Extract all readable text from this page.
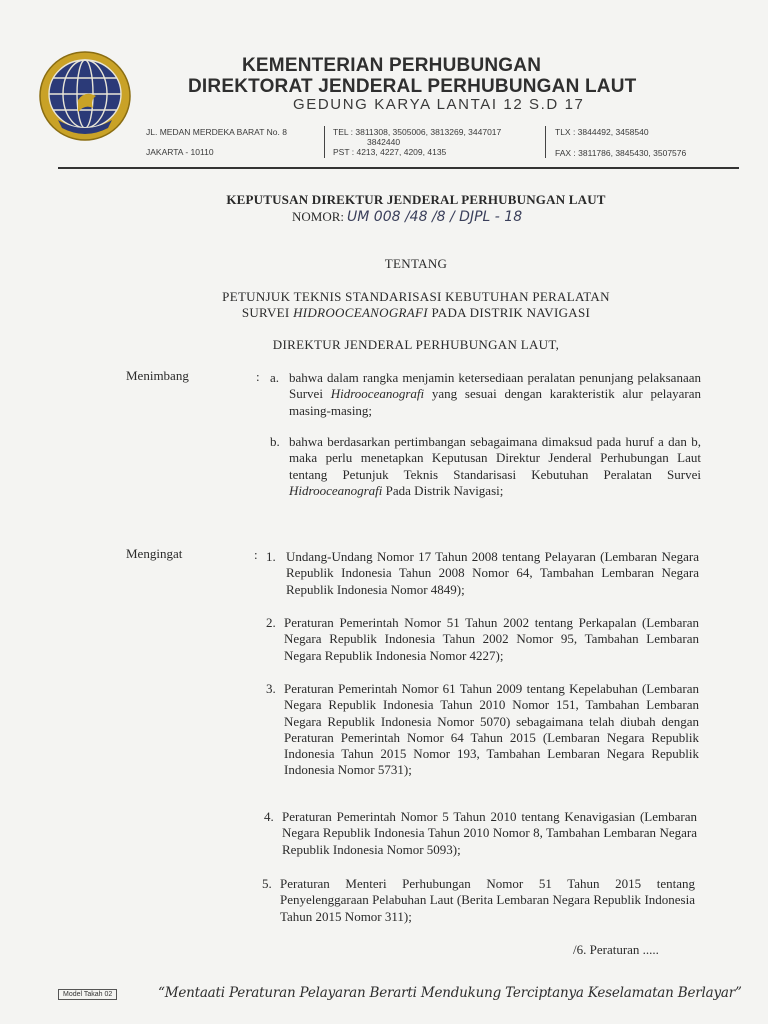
KEMENTERIAN PERHUBUNGAN
DIREKTORAT JENDERAL PERHUBUNGAN LAUT
GEDUNG KARYA LANTAI 12 S.D 17
JL. MEDAN MERDEKA BARAT No. 8
JAKARTA - 10110
TEL : 3811308, 3505006, 3813269, 3447017
3842440
PST : 4213, 4227, 4209, 4135
TLX : 3844492, 3458540
FAX : 3811786, 3845430, 3507576
KEPUTUSAN DIREKTUR JENDERAL PERHUBUNGAN LAUT
NOMOR: UM 008 /48 /8 / DJPL - 18
TENTANG
PETUNJUK TEKNIS STANDARISASI KEBUTUHAN PERALATAN
SURVEI HIDROOCEANOGRAFI PADA DISTRIK NAVIGASI
DIREKTUR JENDERAL PERHUBUNGAN LAUT,
Menimbang	: a. bahwa dalam rangka menjamin ketersediaan peralatan penunjang pelaksanaan Survei Hidrooceanografi yang sesuai dengan karakteristik alur pelayaran masing-masing;
b. bahwa berdasarkan pertimbangan sebagaimana dimaksud pada huruf a dan b, maka perlu menetapkan Keputusan Direktur Jenderal Perhubungan Laut tentang Petunjuk Teknis Standarisasi Kebutuhan Peralatan Survei Hidrooceanografi Pada Distrik Navigasi;
Mengingat	: 1. Undang-Undang Nomor 17 Tahun 2008 tentang Pelayaran (Lembaran Negara Republik Indonesia Tahun 2008 Nomor 64, Tambahan Lembaran Negara Republik Indonesia Nomor 4849);
2. Peraturan Pemerintah Nomor 51 Tahun 2002 tentang Perkapalan (Lembaran Negara Republik Indonesia Tahun 2002 Nomor 95, Tambahan Lembaran Negara Republik Indonesia Nomor 4227);
3. Peraturan Pemerintah Nomor 61 Tahun 2009 tentang Kepelabuhan (Lembaran Negara Republik Indonesia Tahun 2010 Nomor 151, Tambahan Lembaran Negara Republik Indonesia Nomor 5070) sebagaimana telah diubah dengan Peraturan Pemerintah Nomor 64 Tahun 2015 (Lembaran Negara Republik Indonesia Tahun 2015 Nomor 193, Tambahan Lembaran Negara Republik Indonesia Nomor 5731);
4. Peraturan Pemerintah Nomor 5 Tahun 2010 tentang Kenavigasian (Lembaran Negara Republik Indonesia Tahun 2010 Nomor 8, Tambahan Lembaran Negara Republik Indonesia Nomor 5093);
5. Peraturan Menteri Perhubungan Nomor 51 Tahun 2015 tentang Penyelenggaraan Pelabuhan Laut (Berita Lembaran Negara Republik Indonesia Tahun 2015 Nomor 311);
/6. Peraturan .....
Model Takah 02	“Mentaati Peraturan Pelayaran Berarti Mendukung Terciptanya Keselamatan Berlayar”
